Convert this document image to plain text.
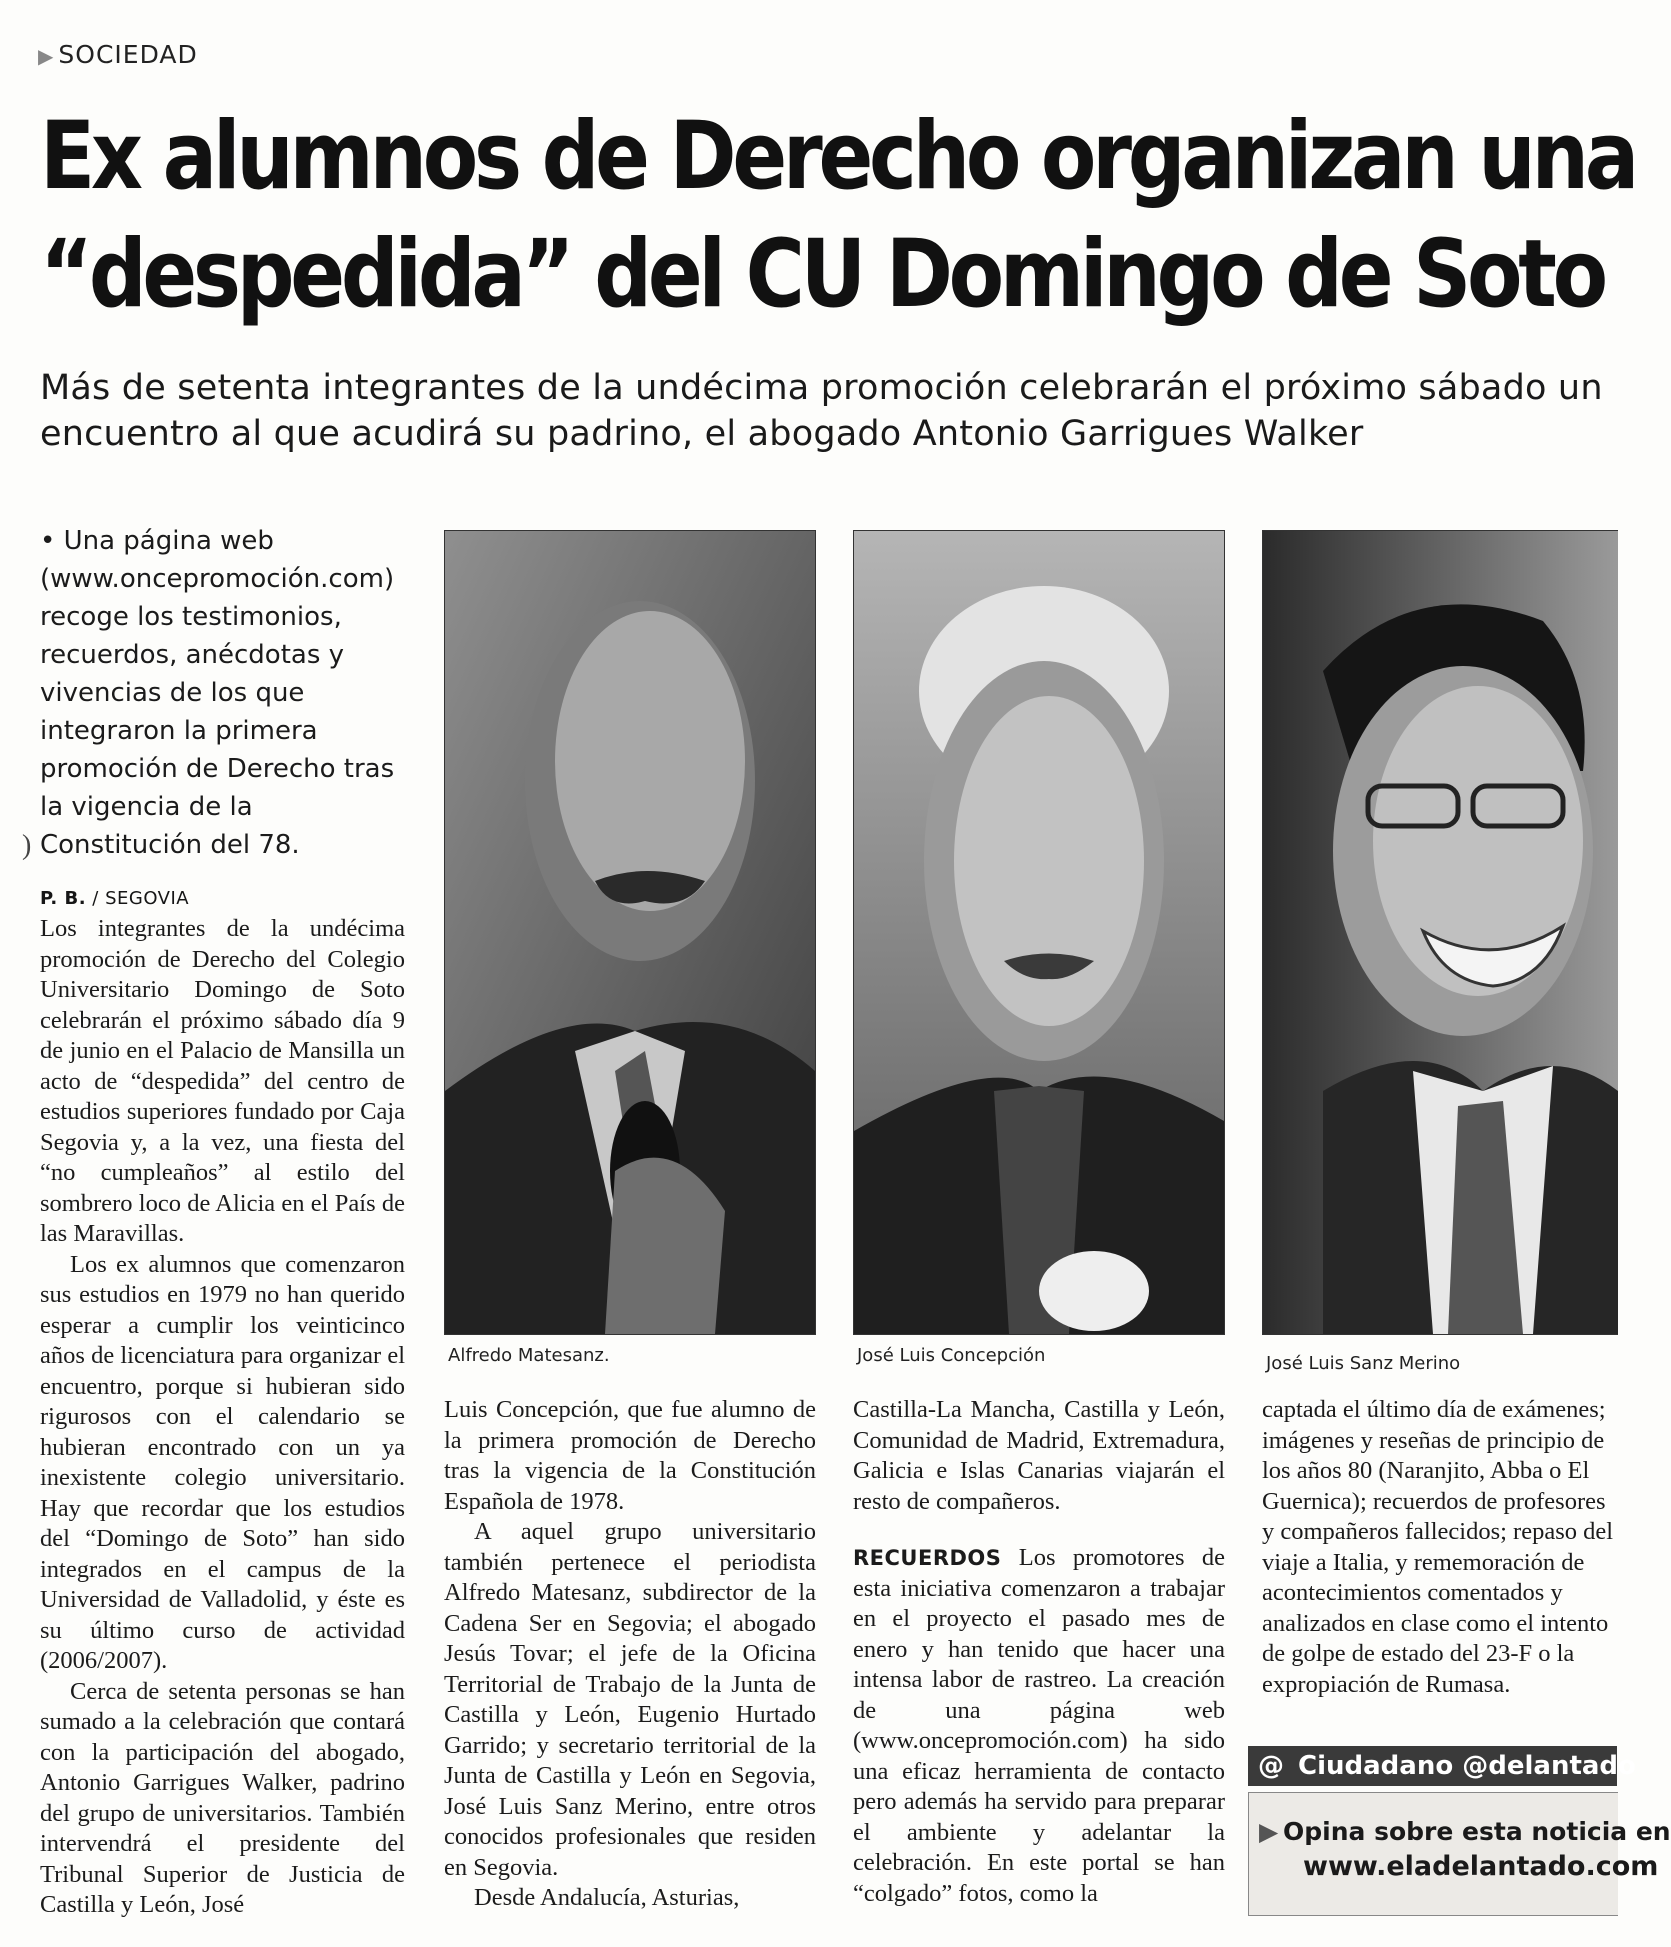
▶ SOCIEDAD
Ex alumnos de Derecho organizan una
“despedida” del CU Domingo de Soto
Más de setenta integrantes de la undécima promoción celebrarán el próximo sábado un encuentro al que acudirá su padrino, el abogado Antonio Garrigues Walker
• Una página web (www.oncepromoción.com) recoge los testimonios, recuerdos, anécdotas y vivencias de los que integraron la primera promoción de Derecho tras la vigencia de la Constitución del 78.
)
P. B. / SEGOVIA

Los integrantes de la undécima promoción de Derecho del Colegio Universitario Domingo de Soto celebrarán el próximo sábado día 9 de junio en el Palacio de Mansilla un acto de “despedida” del centro de estudios superiores fundado por Caja Segovia y, a la vez, una fiesta del “no cumpleaños” al estilo del sombrero loco de Alicia en el País de las Maravillas.

Los ex alumnos que comenzaron sus estudios en 1979 no han querido esperar a cumplir los veinticinco años de licenciatura para organizar el encuentro, porque si hubieran sido rigurosos con el calendario se hubieran encontrado con un ya inexistente colegio universitario. Hay que recordar que los estudios del “Domingo de Soto” han sido integrados en el campus de la Universidad de Valladolid, y éste es su último curso de actividad (2006/2007).

Cerca de setenta personas se han sumado a la celebración que contará con la participación del abogado, Antonio Garrigues Walker, padrino del grupo de universitarios. También intervendrá el presidente del Tribunal Superior de Justicia de Castilla y León, José

Alfredo Matesanz.	José Luis Concepción	José Luis Sanz Merino

Luis Concepción, que fue alumno de la primera promoción de Derecho tras la vigencia de la Constitución Española de 1978.

A aquel grupo universitario también pertenece el periodista Alfredo Matesanz, subdirector de la Cadena Ser en Segovia; el abogado Jesús Tovar; el jefe de la Oficina Territorial de Trabajo de la Junta de Castilla y León, Eugenio Hurtado Garrido; y secretario territorial de la Junta de Castilla y León en Segovia, José Luis Sanz Merino, entre otros conocidos profesionales que residen en Segovia.

Desde Andalucía, Asturias,

Castilla-La Mancha, Castilla y León, Comunidad de Madrid, Extremadura, Galicia e Islas Canarias viajarán el resto de compañeros.

RECUERDOS Los promotores de esta iniciativa comenzaron a trabajar en el proyecto el pasado mes de enero y han tenido que hacer una intensa labor de rastreo. La creación de una página web (www.oncepromoción.com) ha sido una eficaz herramienta de contacto pero además ha servido para preparar el ambiente y adelantar la celebración. En este portal se han “colgado” fotos, como la

captada el último día de exámenes; imágenes y reseñas de principio de los años 80 (Naranjito, Abba o El Guernica); recuerdos de profesores y compañeros fallecidos; repaso del viaje a Italia, y rememoración de acontecimientos comentados y analizados en clase como el intento de golpe de estado del 23-F o la expropiación de Rumasa.

@ Ciudadano @delantado
▶ Opina sobre esta noticia en
www.eladelantado.com
